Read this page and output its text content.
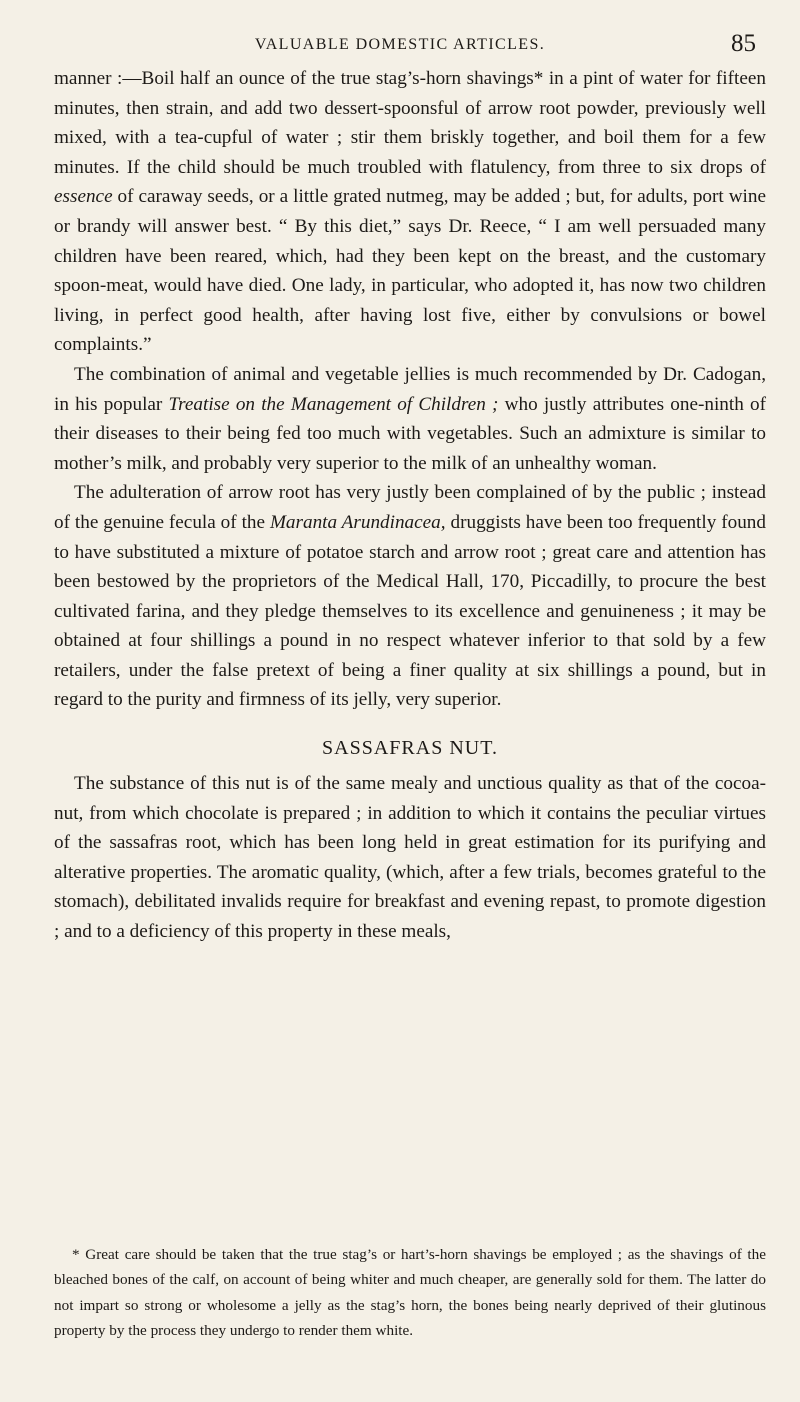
VALUABLE DOMESTIC ARTICLES.	85

manner :—Boil half an ounce of the true stag’s-horn shavings* in a pint of water for fifteen minutes, then strain, and add two dessert-spoonsful of arrow root powder, previously well mixed, with a tea-cupful of water ; stir them briskly together, and boil them for a few minutes. If the child should be much troubled with flatulency, from three to six drops of essence of caraway seeds, or a little grated nutmeg, may be added ; but, for adults, port wine or brandy will answer best. “ By this diet,” says Dr. Reece, “ I am well persuaded many children have been reared, which, had they been kept on the breast, and the customary spoon-meat, would have died. One lady, in particular, who adopted it, has now two children living, in perfect good health, after having lost five, either by convulsions or bowel complaints.”

The combination of animal and vegetable jellies is much recommended by Dr. Cadogan, in his popular Treatise on the Management of Children ; who justly attributes one-ninth of their diseases to their being fed too much with vegetables. Such an admixture is similar to mother’s milk, and probably very superior to the milk of an unhealthy woman.

The adulteration of arrow root has very justly been complained of by the public ; instead of the genuine fecula of the Maranta Arundinacea, druggists have been too frequently found to have substituted a mixture of potatoe starch and arrow root ; great care and attention has been bestowed by the proprietors of the Medical Hall, 170, Piccadilly, to procure the best cultivated farina, and they pledge themselves to its excellence and genuineness ; it may be obtained at four shillings a pound in no respect whatever inferior to that sold by a few retailers, under the false pretext of being a finer quality at six shillings a pound, but in regard to the purity and firmness of its jelly, very superior.

SASSAFRAS NUT.

The substance of this nut is of the same mealy and unctious quality as that of the cocoa-nut, from which chocolate is prepared ; in addition to which it contains the peculiar virtues of the sassafras root, which has been long held in great estimation for its purifying and alterative properties. The aromatic quality, (which, after a few trials, becomes grateful to the stomach), debilitated invalids require for breakfast and evening repast, to promote digestion ; and to a deficiency of this property in these meals,

* Great care should be taken that the true stag’s or hart’s-horn shavings be employed ; as the shavings of the bleached bones of the calf, on account of being whiter and much cheaper, are generally sold for them. The latter do not impart so strong or wholesome a jelly as the stag’s horn, the bones being nearly deprived of their glutinous property by the process they undergo to render them white.
